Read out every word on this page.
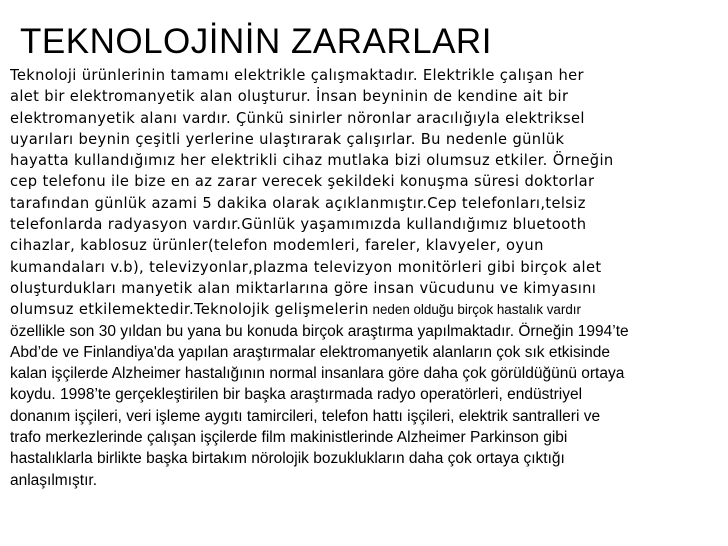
TEKNOLOJİNİN ZARARLARI
Teknoloji ürünlerinin tamamı elektrikle çalışmaktadır. Elektrikle çalışan her
alet bir elektromanyetik alan oluşturur. İnsan beyninin de kendine ait bir
elektromanyetik alanı vardır. Çünkü sinirler nöronlar aracılığıyla elektriksel
uyarıları beynin çeşitli yerlerine ulaştırarak çalışırlar. Bu nedenle günlük
hayatta kullandığımız her elektrikli cihaz mutlaka bizi olumsuz etkiler. Örneğin
cep telefonu ile bize en az zarar verecek şekildeki konuşma süresi doktorlar
tarafından günlük azami 5 dakika olarak açıklanmıştır.Cep telefonları,telsiz
telefonlarda radyasyon vardır.Günlük yaşamımızda kullandığımız bluetooth
cihazlar, kablosuz ürünler(telefon modemleri, fareler, klavyeler, oyun
kumandaları v.b), televizyonlar,plazma televizyon monitörleri gibi birçok alet
oluşturdukları manyetik alan miktarlarına göre insan vücudunu ve kimyasını
olumsuz etkilemektedir.Teknolojik gelişmelerin neden olduğu birçok hastalık vardır
özellikle son 30 yıldan bu yana bu konuda birçok araştırma yapılmaktadır. Örneğin 1994’te
Abd’de ve Finlandiya'da yapılan araştırmalar elektromanyetik alanların çok sık etkisinde
kalan işçilerde Alzheimer hastalığının normal insanlara göre daha çok görüldüğünü ortaya
koydu. 1998’te gerçekleştirilen bir başka araştırmada radyo operatörleri, endüstriyel
donanım işçileri, veri işleme aygıtı tamircileri, telefon hattı işçileri, elektrik santralleri ve
trafo merkezlerinde çalışan işçilerde film makinistlerinde Alzheimer Parkinson gibi
hastalıklarla birlikte başka birtakım nörolojik bozuklukların daha çok ortaya çıktığı
anlaşılmıştır.
